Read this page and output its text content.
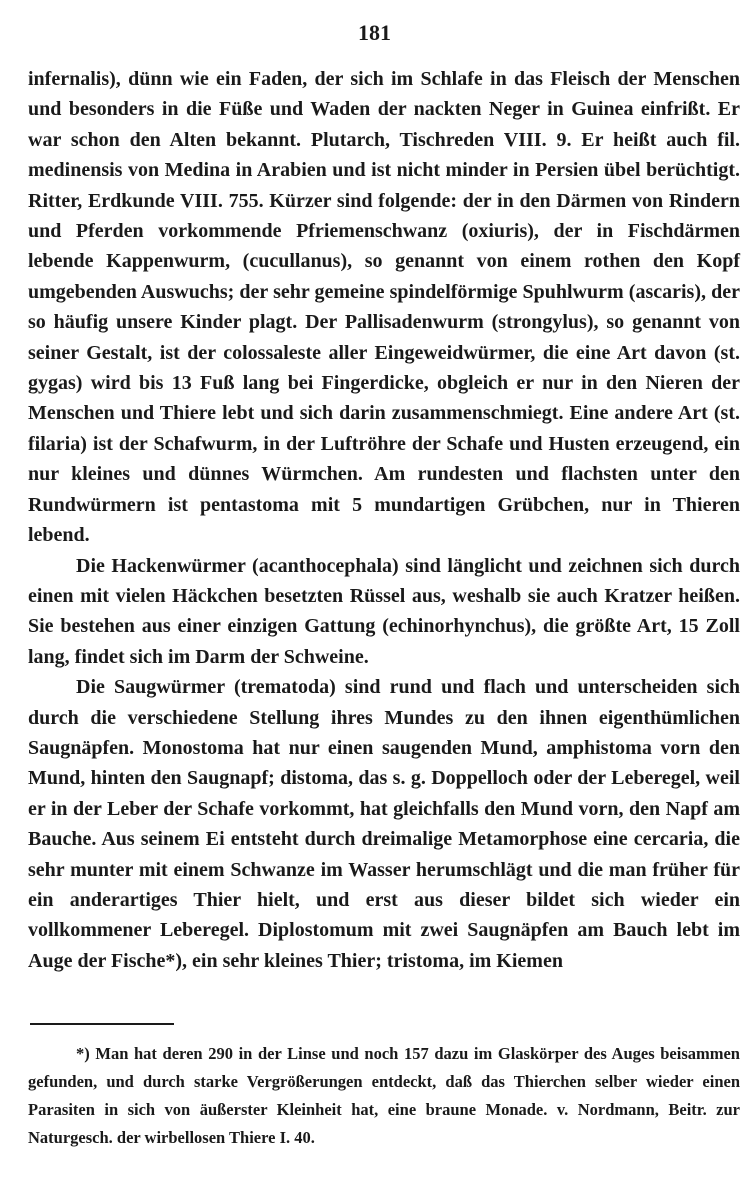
181

infernalis), dünn wie ein Faden, der sich im Schlafe in das Fleisch der Menschen und besonders in die Füße und Waden der nackten Neger in Guinea einfrißt. Er war schon den Alten bekannt. Plutarch, Tischreden VIII. 9. Er heißt auch fil. medinensis von Medina in Arabien und ist nicht minder in Persien übel berüchtigt. Ritter, Erdkunde VIII. 755. Kürzer sind folgende: der in den Därmen von Rindern und Pferden vorkommende Pfriemenschwanz (oxiuris), der in Fischdärmen lebende Kappenwurm, (cucullanus), so genannt von einem rothen den Kopf umgebenden Auswuchs; der sehr gemeine spindelförmige Spuhlwurm (ascaris), der so häufig unsere Kinder plagt. Der Pallisadenwurm (strongylus), so genannt von seiner Gestalt, ist der colossalеste aller Eingeweidwürmer, die eine Art davon (st. gygas) wird bis 13 Fuß lang bei Fingerdicke, obgleich er nur in den Nieren der Menschen und Thiere lebt und sich darin zusammenschmiegt. Eine andere Art (st. filaria) ist der Schafwurm, in der Luftröhre der Schafe und Husten erzeugend, ein nur kleines und dünnes Würmchen. Am rundesten und flachsten unter den Rundwürmern ist pentastoma mit 5 mundartigen Grübchen, nur in Thieren lebend.

Die Hackenwürmer (acanthocephala) sind länglicht und zeichnen sich durch einen mit vielen Häckchen besetzten Rüssel aus, weshalb sie auch Kratzer heißen. Sie bestehen aus einer einzigen Gattung (echinorhynchus), die größte Art, 15 Zoll lang, findet sich im Darm der Schweine.

Die Saugwürmer (trematoda) sind rund und flach und unterscheiden sich durch die verschiedene Stellung ihres Mundes zu den ihnen eigenthümlichen Saugnäpfen. Monostoma hat nur einen saugenden Mund, amphistoma vorn den Mund, hinten den Saugnapf; distoma, das s. g. Doppelloch oder der Leberegel, weil er in der Leber der Schafe vorkommt, hat gleichfalls den Mund vorn, den Napf am Bauche. Aus seinem Ei entsteht durch dreimalige Metamorphose eine cercaria, die sehr munter mit einem Schwanze im Wasser herumschlägt und die man früher für ein anderartiges Thier hielt, und erst aus dieser bildet sich wieder ein vollkommener Leberegel. Diplostomum mit zwei Saugnäpfen am Bauch lebt im Auge der Fische*), ein sehr kleines Thier; tristoma, im Kiemen

*) Man hat deren 290 in der Linse und noch 157 dazu im Glaskörper des Auges beisammen gefunden, und durch starke Vergrößerungen entdeckt, daß das Thierchen selber wieder einen Parasiten in sich von äußerster Kleinheit hat, eine braune Monade. v. Nordmann, Beitr. zur Naturgesch. der wirbellosen Thiere I. 40.
